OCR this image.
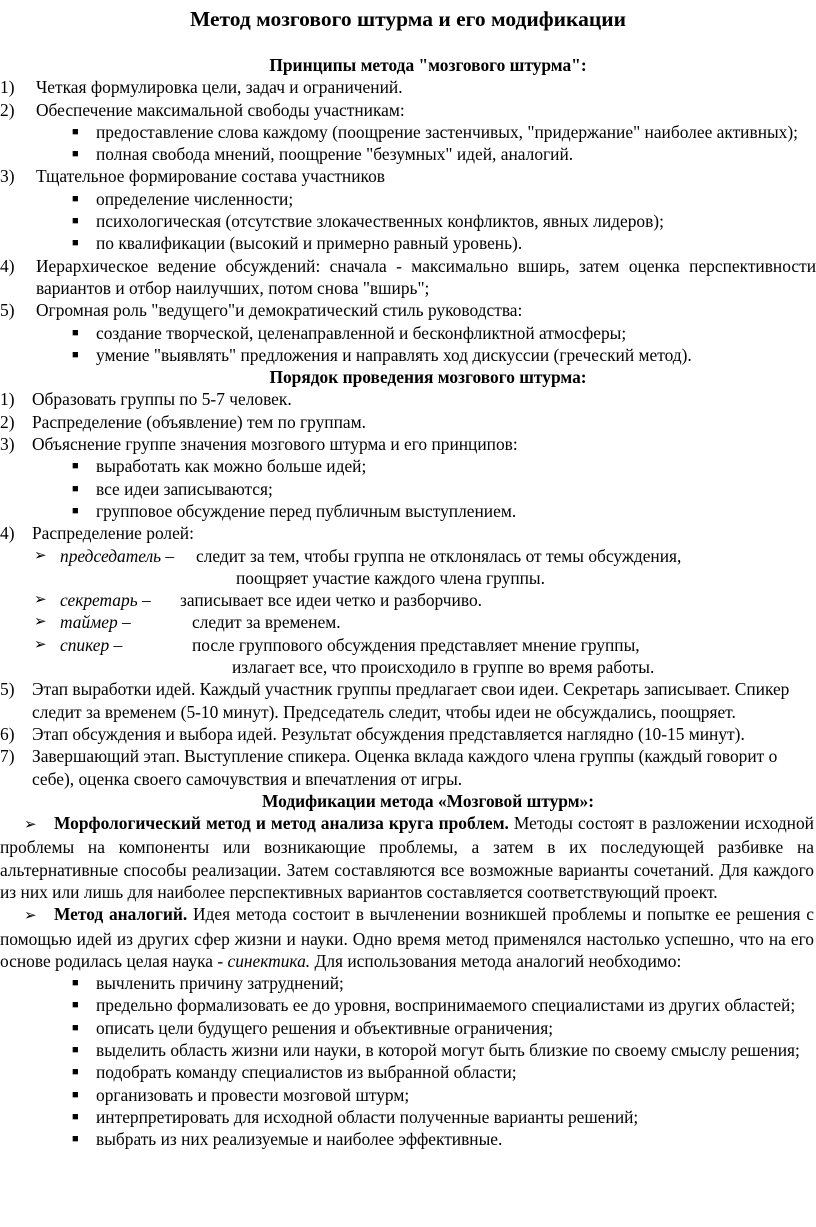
Метод мозгового штурма и его модификации

Принципы метода "мозгового штурма":

1) Четкая формулировка цели, задач и ограничений.

2) Обеспечение максимальной свободы участникам:

■ предоставление слова каждому (поощрение застенчивых, "придержание" наиболее активных);

■ полная свобода мнений, поощрение "безумных" идей, аналогий.

3) Тщательное формирование состава участников

■ определение численности;

■ психологическая (отсутствие злокачественных конфликтов, явных лидеров);

■ по квалификации (высокий и примерно равный уровень).

4) Иерархическое ведение обсуждений: сначала - максимально вширь, затем оценка перспективности вариантов и отбор наилучших, потом снова "вширь";

5) Огромная роль "ведущего"и демократический стиль руководства:

■ создание творческой, целенаправленной и бесконфликтной атмосферы;

■ умение "выявлять" предложения и направлять ход дискуссии (греческий метод).

Порядок проведения мозгового штурма:

1) Образовать группы по 5-7 человек.

2) Распределение (объявление) тем по группам.

3) Объяснение группе значения мозгового штурма и его принципов:

■ выработать как можно больше идей;

■ все идеи записываются;

■ групповое обсуждение перед публичным выступлением.

4) Распределение ролей:

➢ председатель – следит за тем, чтобы группа не отклонялась от темы обсуждения,

поощряет участие каждого члена группы.

➢ секретарь – записывает все идеи четко и разборчиво.

➢ таймер –	следит за временем.

➢ спикер –	после группового обсуждения представляет мнение группы,

излагает все, что происходило в группе во время работы.

5) Этап выработки идей. Каждый участник группы предлагает свои идеи. Секретарь записывает. Спикер следит за временем (5-10 минут). Председатель следит, чтобы идеи не обсуждались, поощряет.

6) Этап обсуждения и выбора идей. Результат обсуждения представляется наглядно (10-15 минут).

7) Завершающий этап. Выступление спикера. Оценка вклада каждого члена группы (каждый говорит о себе), оценка своего самочувствия и впечатления от игры.

Модификации метода «Мозговой штурм»:

➢ Морфологический метод и метод анализа круга проблем. Методы состоят в разложении исходной проблемы на компоненты или возникающие проблемы, а затем в их последующей разбивке на альтернативные способы реализации. Затем составляются все возможные варианты сочетаний. Для каждого из них или лишь для наиболее перспективных вариантов составляется соответствующий проект.

➢ Метод аналогий. Идея метода состоит в вычленении возникшей проблемы и попытке ее решения с помощью идей из других сфер жизни и науки. Одно время метод применялся настолько успешно, что на его основе родилась целая наука - синектика. Для использования метода аналогий необходимо:

■ вычленить причину затруднений;

■ предельно формализовать ее до уровня, воспринимаемого специалистами из других областей;

■ описать цели будущего решения и объективные ограничения;

■ выделить область жизни или науки, в которой могут быть близкие по своему смыслу решения;

■ подобрать команду специалистов из выбранной области;

■ организовать и провести мозговой штурм;

■ интерпретировать для исходной области полученные варианты решений;

■ выбрать из них реализуемые и наиболее эффективные.
